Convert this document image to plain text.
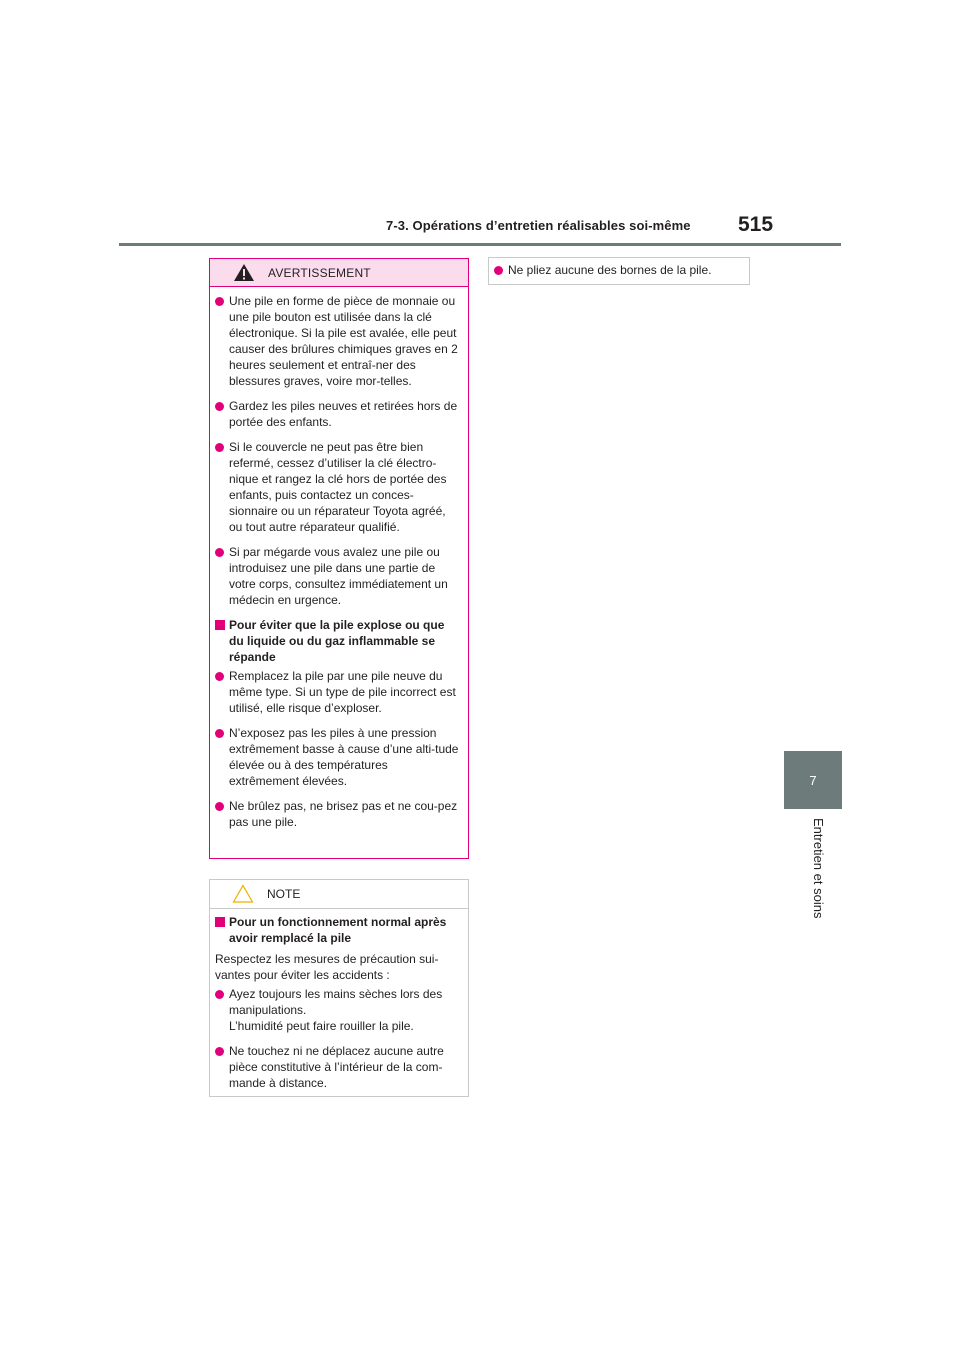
7-3. Opérations d’entretien réalisables soi-même 515
7
Entretien et soins
AVERTISSEMENT
Une pile en forme de pièce de monnaie ou une pile bouton est utilisée dans la clé électronique. Si la pile est avalée, elle peut causer des brûlures chimiques graves en 2 heures seulement et entraî-ner des blessures graves, voire mor-telles.
Gardez les piles neuves et retirées hors de portée des enfants.
Si le couvercle ne peut pas être bien refermé, cessez d’utiliser la clé électro-nique et rangez la clé hors de portée des enfants, puis contactez un conces-sionnaire ou un réparateur Toyota agréé, ou tout autre réparateur qualifié.
Si par mégarde vous avalez une pile ou introduisez une pile dans une partie de votre corps, consultez immédiatement un médecin en urgence.
Pour éviter que la pile explose ou que du liquide ou du gaz inflammable se répande
Remplacez la pile par une pile neuve du même type. Si un type de pile incorrect est utilisé, elle risque d’exploser.
N’exposez pas les piles à une pression extrêmement basse à cause d’une alti-tude élevée ou à des températures extrêmement élevées.
Ne brûlez pas, ne brisez pas et ne cou-pez pas une pile.
NOTE
Pour un fonctionnement normal après avoir remplacé la pile
Respectez les mesures de précaution sui-vantes pour éviter les accidents :
Ayez toujours les mains sèches lors des manipulations.
L’humidité peut faire rouiller la pile.
Ne touchez ni ne déplacez aucune autre pièce constitutive à l’intérieur de la com-mande à distance.
Ne pliez aucune des bornes de la pile.
